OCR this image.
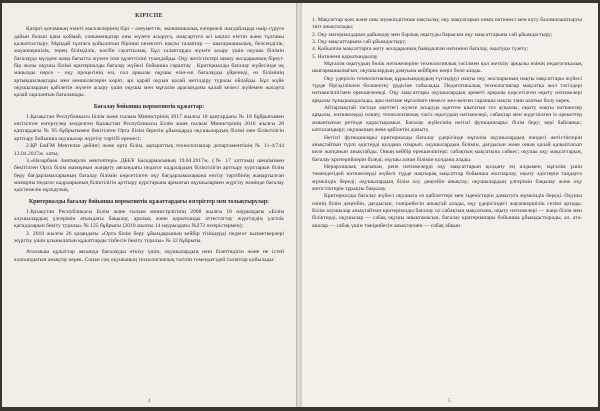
КІРІСПЕ

Қазіргі қоғамның өзекті мәселелерінің бірі – әлеуметтік, экономикалық өзгермелі жағдайларда өмір сүруге дайын болып қана қоймай, соныменқатар оны жүзеге асыруға, жақсартуға әсі ықпал ететін және тұлғаны қалыптастыру. Мұндай тұлғаға қойылатын бірінші кезектегі нақты талаптар — шығармашылық, белсенділік, жауапкершілік, терең білімділік, кәсіби сауаттылық. Бұл талаптарды жүзеге асыру үшін оқушы білімін бағалауда мүлдем жаңа бағытта жүзеге іске құзеттіліні туындайды. Оқу жетістіктері шешу жолдарының біреуі-бір жолы оқушы білімі критериалды бағалау жүйесі бойынша сараптау . Критериалды бағалау жүйесінде оқ маңызды нәрсе – оқу процесінің өзі, сол арқылы оқушы өзін-өзі бағалауды үйренеді, өз білімінің артықшылықтары мен кемшіліктерін көріп, әрі қарай оқуын қалай жетілдіру туралы ойлайды. Бұл жүйе оқушылардың қабілетін жүзеге асыру үшін оқушы мен мұғалім арасындағы қалай келесі жүйемен жасауға қалай оқиланғын бағаланады.

Бағалау бойынша нормативтік құжаттар:

1.Қазақстан Республикасы Білім және ғылым Министрінің 2017 жылғы 18 қаңтардағы № 18 бұйрығымен енгізілген өзгертулер көзделген Қазақстан Республикасы Білім және ғылым Министрінің 2016 жылғы 28 қаңтардағы № 95 бұйрығымен бекітілген Орта білім беретін ұйымдарда оқушылардың білімі мен біліктілігін арттыру бойынша оқушылар жүргізу тәртібі ережесі;

2.ҚР БжҒМ Мектепке дейінгі және орта білім, ақпараттық технологиялар департаментінің № 11-4/744 13.04.2017ж. хаты;

3.«Назарбаев Зияткерлік мектептері» ДББҰ Басқармасының 19.04.2017ж. (№ 17 хаттама) шешімімен бекітілген Орта білім мазмұнын жаңарту аясындағы педагог кадрлардың біліктілігін арттыру курстарын білім беру бағдарламаларының бағалау білімін көрсетілген оқу бағдарламаларына енгізу тәртібінің жаңартылған мазмұны педагог кадрларының біліктілігін арттыру курстарына арналған оқушылармен жүргізу жөнінде бағалау әдістемелік нұсқаулық.

Критериалды бағалау бойынша нормативтік құжаттардағы өзгерістер мен толықтырулар:

1.Қазақстан Республикасы Білім және ғылым министрлігінің 2008 жылғы 18 наурыздағы «Білім алушылардың үлгерімін ағымдағы бақылау, аралық және қорытынды аттестаттау жүргізудің үлгілік қағидаларын бекіту туралы» № 125 бұйрығы (2018 жылғы 14 наурыздағы №272 өзгерістермен);

2. 2018 жылғы 26 қазандағы «Орта білім беру ұйымдарының кейбір тізімдерді педагог кызметкерлері жүргізу үшін ұсынылатын құжаттарды тізбесін бекіту туралы» № 32 бұйрығы.

Аталмыш құжаттар аясында бағалауды өткізу үшін, оқушылардың нені білетіндігін және не істей алатындығын анықтау керек. Сонан соң оқушының технологиялық тасілін төмендегідей талаптар қойылады:

4

1. Мақсаттар қою және оны мүмкіндігінше нақтылау, оқу мақсатарын оның нәтижесі мен күту баламалаштыруы тиіт анықталады;

2. Оқу материалдарын дайындау мен барлық оқытуды барысын оқу мақсаттарына сай ұйымдастыру;

3. Оқу мақсаттарына сай ұйымдастыру;

4. Қойылған мақсаттарға жету жолдарының баяндалған нәтижені бағалау, оқытуды түзету;

5. Нәтижені қорытындылау.

Мұғалім оқытудың бөлік нәтижелеріне технологиялық тәсілмен қол жеткізу арқылы өзінің педагогикалық шығармашылығын, оқушылардың дамуына кейбірек көңіл бөле алады.

Оқу үдерісін технологиялық құрылымдаудың түсіндіруі нақты оқу жоспарының нақты мақсаттары жүйесі түрде бірізділікпен бөлшектеу үрдісіне табылады. Педагогикалық технологиялар мақсатқа жол тәсілдері нәтижелілігімен ерекшеленеді. Оқу мақсаттары оқушылардың әрекеті арқылы көрсетілген оқыту нәтижелері арқылы тұжырымдалады, ары нәтиже мұғалімге немесе жеэ-келген сарапшы нақты тани алатын болу керек.

Айтарлықтай тәсілде әдеттегі жүзеге асыруда әдеттен шығатын тез ауқымы, оқыту нақты нәтижелер арқылы, нәтижелерді өлшеу, технологиялық тәсіл оқытудың нәтижелері, сабақтар мен жүргізілген іс-әрекеттер жиынтығын ретінде қарастырамыз. Бағалау жүйесінің негізгі функциялары: білім беру; кері байланыс; ынталандыру; оқушының жеке қабілетін дамыту.

Негізгі функциялары критериалды бағалау үдерісінде мұғалім оқушылардың пәндегі жетістіктерін анықтайтын түрлі әдістерді қолдана отырып, оқушылардың білімін, дағдысын және оның қалай қалыптасып келе жатқанын анықтайды. Оның кейбір ерекшеліктері: сабақтың мақсатына сәйкес; оқушы оқу мақсаттарын, бағалау критерийлерін біледі; оқушы алған білімін қолдана алады.

Нерархиялық жағынан, репе нәтижелерді оқу мақсаттарын қолдану ең алдымен, мұғалім үшін төмендегідей нәтижелерді жүйелі түрде нақтырақ мақсаттар бойынша жоспарлау, оқыту әдістерін таңдауға мүмкіндік береді; оқушылардың білім алу деңгейін анықтау; оқушылардың үлгерімін бақылау және оқу жетістіктерін тұрақты бақылау.

Критериалды бағалау жүйесі оқушыға өз қабілеттері мен ізденістерін дамытуға мүмкіндік береді. Оқушы өзінің білім деңгейін, дағдысын, тәжірибесін анықтай алады, оқу үдерісіндегі жауапкершілік сезімі артады. Білім алушылар анықтайтын критериалды бағалау ол сабақтың мақсатына, оқыту нәтижелері — жаңа білім мен біліктерді, оқушылар — сабақ оқушы анықтамасын, бағалау критериялары бойынша ұйымдастырады, ал, ата-аналар — сабақ үшін тәжірибесін анықтаумен — сабақ айқын.

5
